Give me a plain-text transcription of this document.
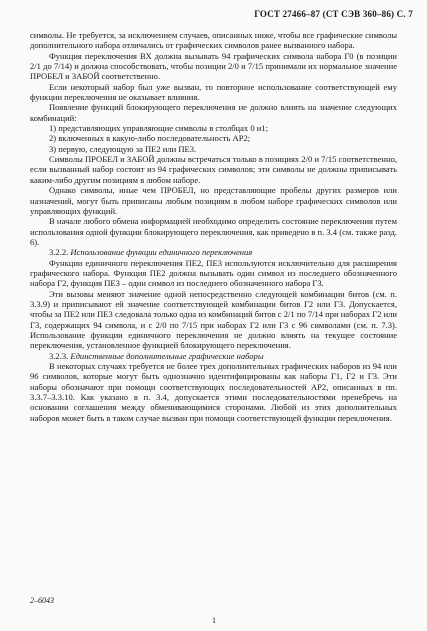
ГОСТ 27466–87 (СТ СЭВ 360–86) С. 7

символы. Не требуется, за исключением случаев, описанных ниже, чтобы все графические символы дополнительного набора отличались от графических символов ранее вызванного набора.

Функция переключения ВХ должна вызывать 94 графических символа набора Г0 (в позиции 2/1 до 7/14) и должна способствовать, чтобы позиции 2/0 и 7/15 принимали их нормальное значение ПРОБЕЛ и ЗАБОЙ соответственно.

Если некоторый набор был уже вызван, то повторное использование соответствующей ему функции переключения не оказывает влияния.

Появление функций блокирующего переключения не должно влиять на значение следующих комбинаций:

1) представляющих управляющие символы в столбцах 0 и1;

2) включенных в какую-либо последовательность АР2;

3) первую, следующую за ПЕ2 или ПЕ3.

Символы ПРОБЕЛ и ЗАБОЙ должны встречаться только в позициях 2/0 и 7/15 соответственно, если вызванный набор состоит из 94 графических символов; эти символы не должны приписывать каким-либо другим позициям в любом наборе.

Однако символы, иные чем ПРОБЕЛ, но представляющие пробелы других размеров или назначений, могут быть приписаны любым позициям в любом наборе графических символов или управляющих функций.

В начале любого обмена информацией необходимо определить состояние переключения путем использования одной функции блокирующего переключения, как приведено в п. 3.4 (см. также разд. 6).

3.2.2. Использование функции единичного переключения

Функции единичного переключения ПЕ2, ПЕ3 используются исключительно для расширения графического набора. Функция ПЕ2 должна вызывать один символ из последнего обозначенного набора Г2, функция ПЕ3 – один символ из последнего обозначенного набора Г3.

Эти вызовы меняют значение одной непосредственно следующей комбинации битов (см. п. 3.3.9) и приписывают ей значение соответствующей комбинации битов Г2 или Г3. Допускается, чтобы за ПЕ2 или ПЕ3 следовала только одна из комбинаций битов с 2/1 по 7/14 при наборах Г2 или Г3, содержащих 94 символа, и с 2/0 по 7/15 при наборах Г2 или Г3 с 96 символами (см. п. 7.3). Использование функции единичного переключения не должно влиять на текущее состояние переключения, установленное функцией блокирующего переключения.

3.2.3. Единственные дополнительные графические наборы

В некоторых случаях требуется не более трех дополнительных графических наборов из 94 или 96 символов, которые могут быть однозначно идентифицированы как наборы Г1, Г2 и Г3. Эти наборы обозначают при помощи соответствующих последовательностей АР2, описанных в пп. 3.3.7–3.3.10. Как указано в п. 3.4, допускается этими последовательностями пренебречь на основании соглашения между обменивающимися сторонами. Любой из этих дополнительных наборов может быть в таком случае вызван при помощи соответствующей функции переключения.

2–6043
1
